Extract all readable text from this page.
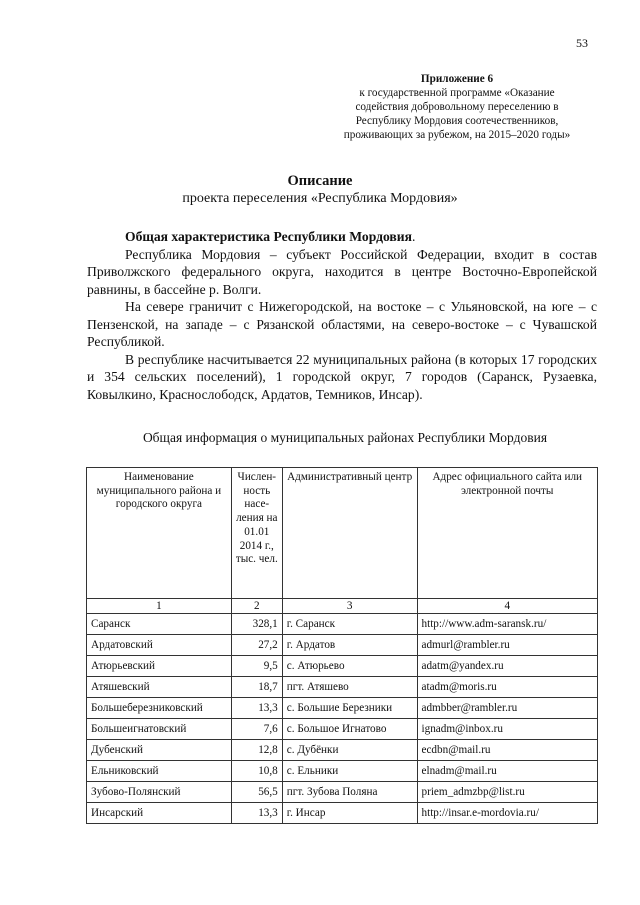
53
Приложение 6
к государственной программе «Оказание
содействия добровольному переселению в
Республику Мордовия соотечественников,
проживающих за рубежом, на 2015–2020 годы»
Описание
проекта переселения «Республика Мордовия»

Общая характеристика Республики Мордовия.

Республика Мордовия – субъект Российской Федерации, входит в состав Приволжского федерального округа, находится в центре Восточно-Европейской равнины, в бассейне р. Волги.

На севере граничит с Нижегородской, на востоке – с Ульяновской, на юге – с Пензенской, на западе – с Рязанской областями, на северо-востоке – с Чувашской Республикой.

В республике насчитывается 22 муниципальных района (в которых 17 городских и 354 сельских поселений), 1 городской округ, 7 городов (Саранск, Рузаевка, Ковылкино, Краснослободск, Ардатов, Темников, Инсар).

Общая информация о муниципальных районах Республики Мордовия
Наименование муниципального района и городского округа	Числен-ность насе-ления на 01.01 2014 г., тыс. чел.	Административный центр	Адрес официального сайта или электронной почты
1	2	3	4
Саранск	328,1	г. Саранск	http://www.adm-saransk.ru/
Ардатовский	27,2	г. Ардатов	admurl@rambler.ru
Атюрьевский	9,5	с. Атюрьево	adatm@yandex.ru
Атяшевский	18,7	пгт. Атяшево	atadm@moris.ru
Большеберезниковский	13,3	с. Большие Березники	admbber@rambler.ru
Большеигнатовский	7,6	с. Большое Игнатово	ignadm@inbox.ru
Дубенский	12,8	с. Дубёнки	ecdbn@mail.ru
Ельниковский	10,8	с. Ельники	elnadm@mail.ru
Зубово-Полянский	56,5	пгт. Зубова Поляна	priem_admzbp@list.ru
Инсарский	13,3	г. Инсар	http://insar.e-mordovia.ru/
